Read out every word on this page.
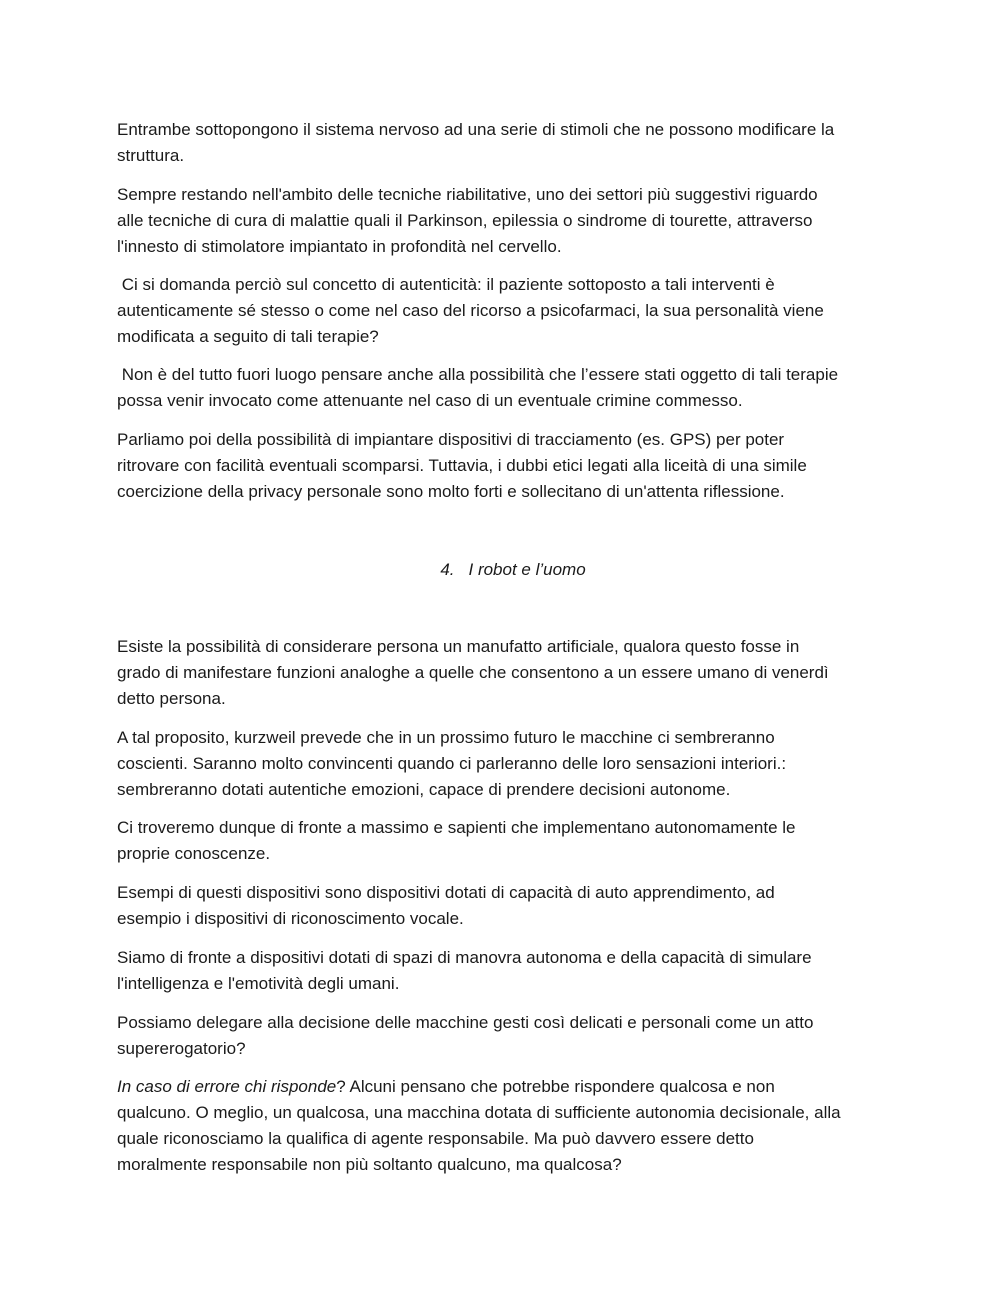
Entrambe sottopongono il sistema nervoso ad una serie di stimoli che ne possono modificare la
struttura.

Sempre restando nell'ambito delle tecniche riabilitative, uno dei settori più suggestivi riguardo
alle tecniche di cura di malattie quali il Parkinson, epilessia o sindrome di tourette, attraverso
l'innesto di stimolatore impiantato in profondità nel cervello.

Ci si domanda perciò sul concetto di autenticità: il paziente sottoposto a tali interventi è
autenticamente sé stesso o come nel caso del ricorso a psicofarmaci, la sua personalità viene
modificata a seguito di tali terapie?

Non è del tutto fuori luogo pensare anche alla possibilità che l’essere stati oggetto di tali terapie
possa venir invocato come attenuante nel caso di un eventuale crimine commesso.

Parliamo poi della possibilità di impiantare dispositivi di tracciamento (es. GPS) per poter
ritrovare con facilità eventuali scomparsi. Tuttavia, i dubbi etici legati alla liceità di una simile
coercizione della privacy personale sono molto forti e sollecitano di un'attenta riflessione.

4. I robot e l’uomo

Esiste la possibilità di considerare persona un manufatto artificiale, qualora questo fosse in
grado di manifestare funzioni analoghe a quelle che consentono a un essere umano di venerdì
detto persona.

A tal proposito, kurzweil prevede che in un prossimo futuro le macchine ci sembreranno
coscienti. Saranno molto convincenti quando ci parleranno delle loro sensazioni interiori.:
sembreranno dotati autentiche emozioni, capace di prendere decisioni autonome.

Ci troveremo dunque di fronte a massimo e sapienti che implementano autonomamente le
proprie conoscenze.

Esempi di questi dispositivi sono dispositivi dotati di capacità di auto apprendimento, ad
esempio i dispositivi di riconoscimento vocale.

Siamo di fronte a dispositivi dotati di spazi di manovra autonoma e della capacità di simulare
l'intelligenza e l'emotività degli umani.

Possiamo delegare alla decisione delle macchine gesti così delicati e personali come un atto
supererogatorio?

In caso di errore chi risponde? Alcuni pensano che potrebbe rispondere qualcosa e non
qualcuno. O meglio, un qualcosa, una macchina dotata di sufficiente autonomia decisionale, alla
quale riconosciamo la qualifica di agente responsabile. Ma può davvero essere detto
moralmente responsabile non più soltanto qualcuno, ma qualcosa?
